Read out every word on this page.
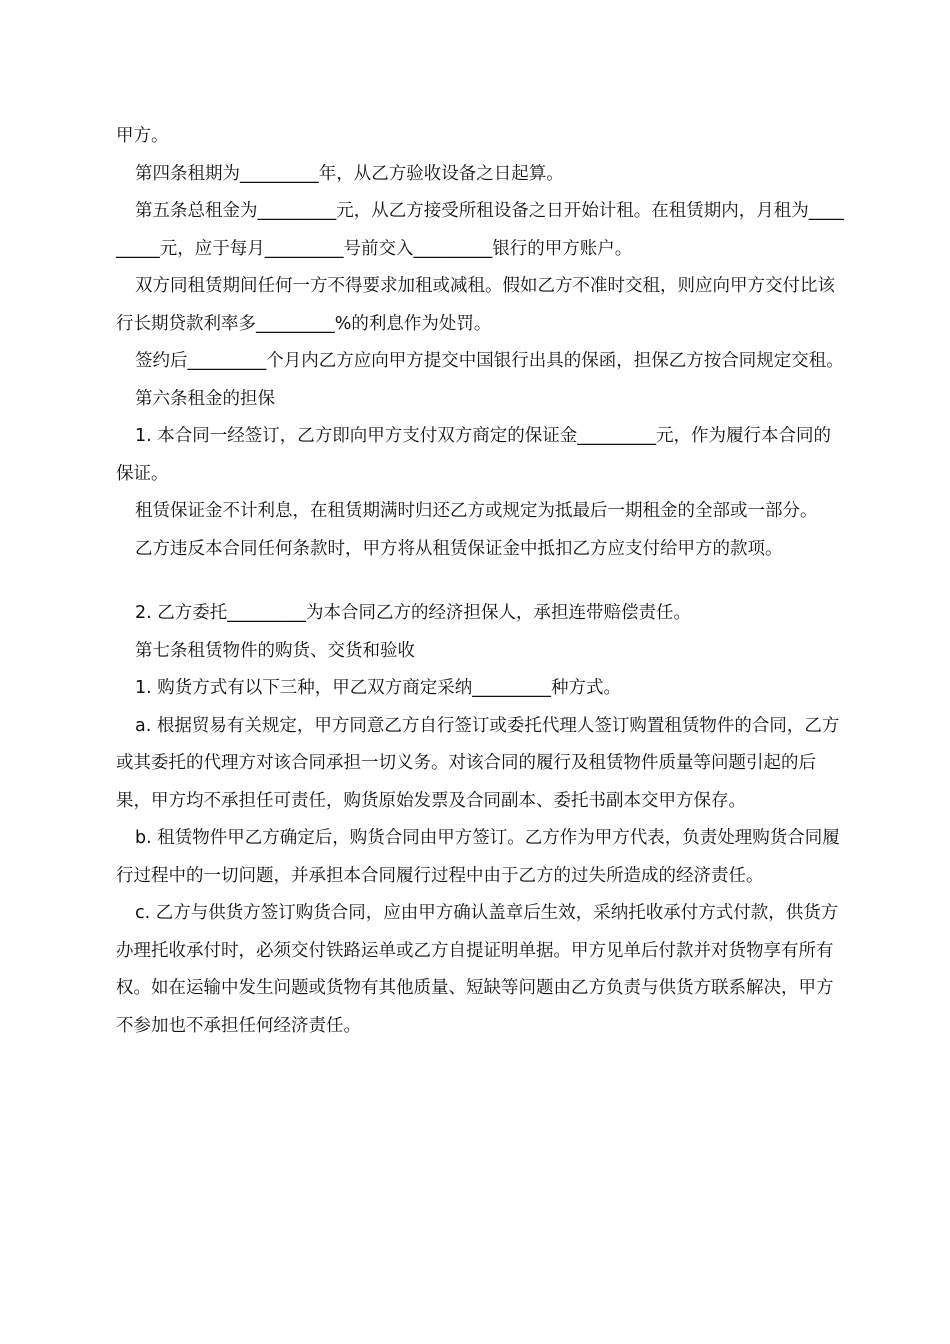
甲方。

第四条租期为_________年，从乙方验收设备之日起算。

第五条总租金为_________元，从乙方接受所租设备之日开始计租。在租赁期内，月租为_________元，应于每月_________号前交入_________银行的甲方账户。

双方同租赁期间任何一方不得要求加租或减租。假如乙方不准时交租，则应向甲方交付比该行长期贷款利率多_________%的利息作为处罚。

签约后_________个月内乙方应向甲方提交中国银行出具的保函，担保乙方按合同规定交租。

第六条租金的担保

1. 本合同一经签订，乙方即向甲方支付双方商定的保证金_________元，作为履行本合同的保证。

租赁保证金不计利息，在租赁期满时归还乙方或规定为抵最后一期租金的全部或一部分。

乙方违反本合同任何条款时，甲方将从租赁保证金中抵扣乙方应支付给甲方的款项。

2. 乙方委托_________为本合同乙方的经济担保人，承担连带赔偿责任。

第七条租赁物件的购货、交货和验收

1. 购货方式有以下三种，甲乙双方商定采纳_________种方式。

a. 根据贸易有关规定，甲方同意乙方自行签订或委托代理人签订购置租赁物件的合同，乙方或其委托的代理方对该合同承担一切义务。对该合同的履行及租赁物件质量等问题引起的后果，甲方均不承担任可责任，购货原始发票及合同副本、委托书副本交甲方保存。

b. 租赁物件甲乙方确定后，购货合同由甲方签订。乙方作为甲方代表，负责处理购货合同履行过程中的一切问题，并承担本合同履行过程中由于乙方的过失所造成的经济责任。

c. 乙方与供货方签订购货合同，应由甲方确认盖章后生效，采纳托收承付方式付款，供货方办理托收承付时，必须交付铁路运单或乙方自提证明单据。甲方见单后付款并对货物享有所有权。如在运输中发生问题或货物有其他质量、短缺等问题由乙方负责与供货方联系解决，甲方不参加也不承担任何经济责任。
